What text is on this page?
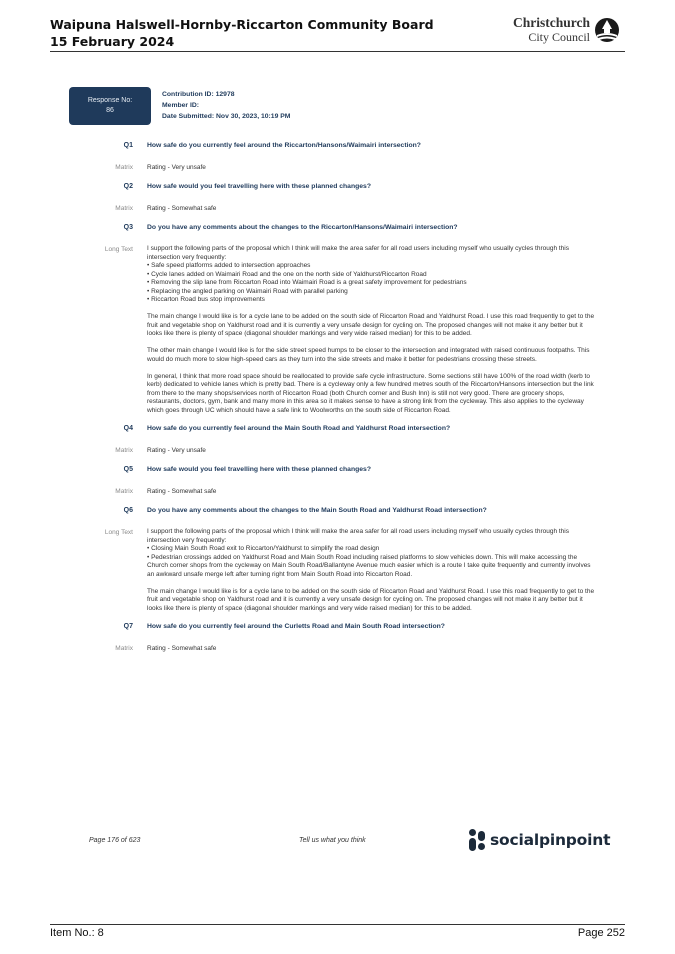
Waipuna Halswell-Hornby-Riccarton Community Board
15 February 2024
Christchurch
City Council
Response No:
86
Contribution ID: 12978
Member ID:
Date Submitted: Nov 30, 2023, 10:19 PM
Q1	How safe do you currently feel around the Riccarton/Hansons/Waimairi intersection?
Matrix	Rating - Very unsafe
Q2	How safe would you feel travelling here with these planned changes?
Matrix	Rating - Somewhat safe
Q3	Do you have any comments about the changes to the Riccarton/Hansons/Waimairi intersection?
Long Text	I support the following parts of the proposal which I think will make the area safer for all road users including myself who usually cycles through this intersection very frequently:
• Safe speed platforms added to intersection approaches
• Cycle lanes added on Waimairi Road and the one on the north side of Yaldhurst/Riccarton Road
• Removing the slip lane from Riccarton Road into Waimairi Road is a great safety improvement for pedestrians
• Replacing the angled parking on Waimairi Road with parallel parking
• Riccarton Road bus stop improvements

The main change I would like is for a cycle lane to be added on the south side of Riccarton Road and Yaldhurst Road. I use this road frequently to get to the fruit and vegetable shop on Yaldhurst road and it is currently a very unsafe design for cycling on. The proposed changes will not make it any better but it looks like there is plenty of space (diagonal shoulder markings and very wide raised median) for this to be added.

The other main change I would like is for the side street speed humps to be closer to the intersection and integrated with raised continuous footpaths. This would do much more to slow high-speed cars as they turn into the side streets and make it better for pedestrians crossing these streets.

In general, I think that more road space should be reallocated to provide safe cycle infrastructure. Some sections still have 100% of the road width (kerb to kerb) dedicated to vehicle lanes which is pretty bad. There is a cycleway only a few hundred metres south of the Riccarton/Hansons intersection but the link from there to the many shops/services north of Riccarton Road (both Church corner and Bush Inn) is still not very good. There are grocery shops, restaurants, doctors, gym, bank and many more in this area so it makes sense to have a strong link from the cycleway. This also applies to the cycleway which goes through UC which should have a safe link to Woolworths on the south side of Riccarton Road.

Q4	How safe do you currently feel around the Main South Road and Yaldhurst Road intersection?
Matrix	Rating - Very unsafe
Q5	How safe would you feel travelling here with these planned changes?
Matrix	Rating - Somewhat safe
Q6	Do you have any comments about the changes to the Main South Road and Yaldhurst Road intersection?
Long Text	I support the following parts of the proposal which I think will make the area safer for all road users including myself who usually cycles through this intersection very frequently:
• Closing Main South Road exit to Riccarton/Yaldhurst to simplify the road design
• Pedestrian crossings added on Yaldhurst Road and Main South Road including raised platforms to slow vehicles down. This will make accessing the Church corner shops from the cycleway on Main South Road/Ballantyne Avenue much easier which is a route I take quite frequently and currently involves an awkward unsafe merge left after turning right from Main South Road into Riccarton Road.

The main change I would like is for a cycle lane to be added on the south side of Riccarton Road and Yaldhurst Road. I use this road frequently to get to the fruit and vegetable shop on Yaldhurst road and it is currently a very unsafe design for cycling on. The proposed changes will not make it any better but it looks like there is plenty of space (diagonal shoulder markings and very wide raised median) for this to be added.

Q7	How safe do you currently feel around the Curletts Road and Main South Road intersection?
Matrix	Rating - Somewhat safe
Page 176 of 623	Tell us what you think	socialpinpoint
Item No.: 8	Page 252
